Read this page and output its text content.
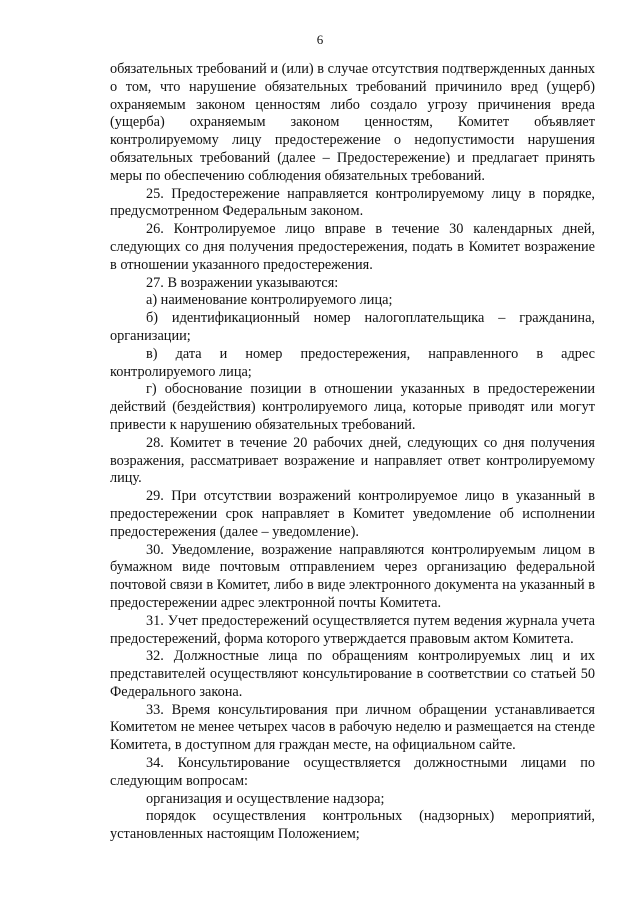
6

обязательных требований и (или) в случае отсутствия подтвержденных данных о том, что нарушение обязательных требований причинило вред (ущерб) охраняемым законом ценностям либо создало угрозу причинения вреда (ущерба) охраняемым законом ценностям, Комитет объявляет контролируемому лицу предостережение о недопустимости нарушения обязательных требований (далее – Предостережение) и предлагает принять меры по обеспечению соблюдения обязательных требований.

25. Предостережение направляется контролируемому лицу в порядке, предусмотренном Федеральным законом.

26. Контролируемое лицо вправе в течение 30 календарных дней, следующих со дня получения предостережения, подать в Комитет возражение в отношении указанного предостережения.

27. В возражении указываются:

а) наименование контролируемого лица;

б) идентификационный номер налогоплательщика – гражданина, организации;

в) дата и номер предостережения, направленного в адрес контролируемого лица;

г) обоснование позиции в отношении указанных в предостережении действий (бездействия) контролируемого лица, которые приводят или могут привести к нарушению обязательных требований.

28. Комитет в течение 20 рабочих дней, следующих со дня получения возражения, рассматривает возражение и направляет ответ контролируемому лицу.

29. При отсутствии возражений контролируемое лицо в указанный в предостережении срок направляет в Комитет уведомление об исполнении предостережения (далее – уведомление).

30. Уведомление, возражение направляются контролируемым лицом в бумажном виде почтовым отправлением через организацию федеральной почтовой связи в Комитет, либо в виде электронного документа на указанный в предостережении адрес электронной почты Комитета.

31. Учет предостережений осуществляется путем ведения журнала учета предостережений, форма которого утверждается правовым актом Комитета.

32. Должностные лица по обращениям контролируемых лиц и их представителей осуществляют консультирование в соответствии со статьей 50 Федерального закона.

33. Время консультирования при личном обращении устанавливается Комитетом не менее четырех часов в рабочую неделю и размещается на стенде Комитета, в доступном для граждан месте, на официальном сайте.

34. Консультирование осуществляется должностными лицами по следующим вопросам:

организация и осуществление надзора;

порядок осуществления контрольных (надзорных) мероприятий, установленных настоящим Положением;
